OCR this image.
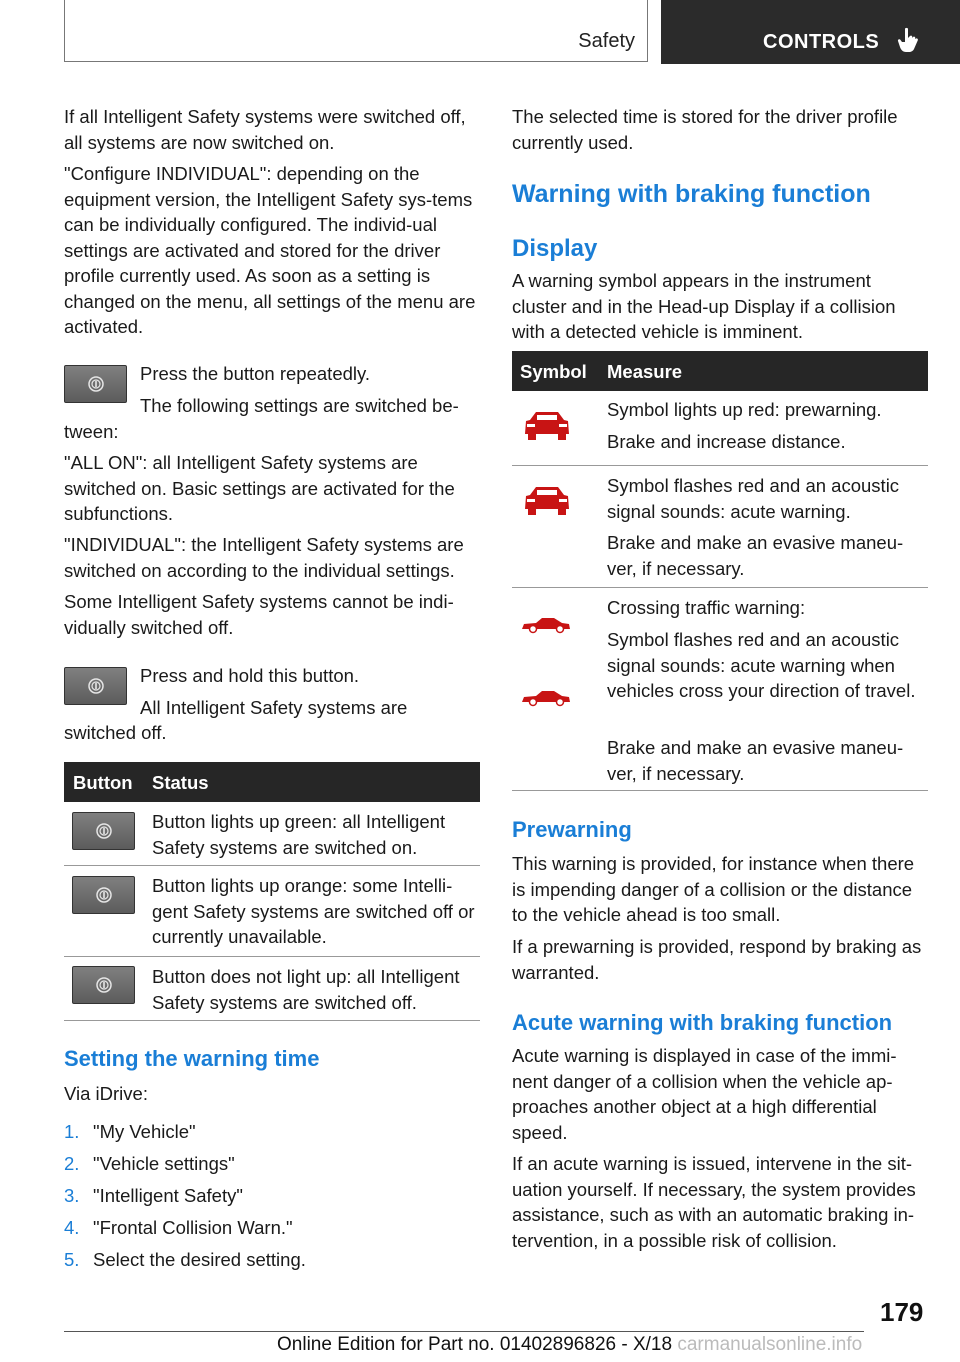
Safety	CONTROLS
If all Intelligent Safety systems were switched off, all systems are now switched on.
"Configure INDIVIDUAL": depending on the equipment version, the Intelligent Safety sys-tems can be individually configured. The individ-ual settings are activated and stored for the driver profile currently used. As soon as a setting is changed on the menu, all settings of the menu are activated.
Press the button repeatedly.
The following settings are switched be-
tween:
"ALL ON": all Intelligent Safety systems are switched on. Basic settings are activated for the subfunctions.
"INDIVIDUAL": the Intelligent Safety systems are switched on according to the individual settings.
Some Intelligent Safety systems cannot be indi-vidually switched off.
Press and hold this button.
All Intelligent Safety systems are
switched off.
Button Status
Button lights up green: all Intelligent Safety systems are switched on.
Button lights up orange: some Intelli-gent Safety systems are switched off or currently unavailable.
Button does not light up: all Intelligent Safety systems are switched off.
Setting the warning time
Via iDrive:
1. "My Vehicle"
2. "Vehicle settings"
3. "Intelligent Safety"
4. "Frontal Collision Warn."
5. Select the desired setting.
The selected time is stored for the driver profile currently used.
Warning with braking function
Display
A warning symbol appears in the instrument cluster and in the Head-up Display if a collision with a detected vehicle is imminent.
Symbol Measure
Symbol lights up red: prewarning.
Brake and increase distance.
Symbol flashes red and an acoustic signal sounds: acute warning.
Brake and make an evasive maneu-ver, if necessary.
Crossing traffic warning:
Symbol flashes red and an acoustic signal sounds: acute warning when vehicles cross your direction of travel.
Brake and make an evasive maneu-ver, if necessary.
Prewarning
This warning is provided, for instance when there is impending danger of a collision or the distance to the vehicle ahead is too small.
If a prewarning is provided, respond by braking as warranted.
Acute warning with braking function
Acute warning is displayed in case of the immi-nent danger of a collision when the vehicle ap-proaches another object at a high differential speed.
If an acute warning is issued, intervene in the sit-uation yourself. If necessary, the system provides assistance, such as with an automatic braking in-tervention, in a possible risk of collision.
179
Online Edition for Part no. 01402896826 - X/18 carmanualsonline.info
